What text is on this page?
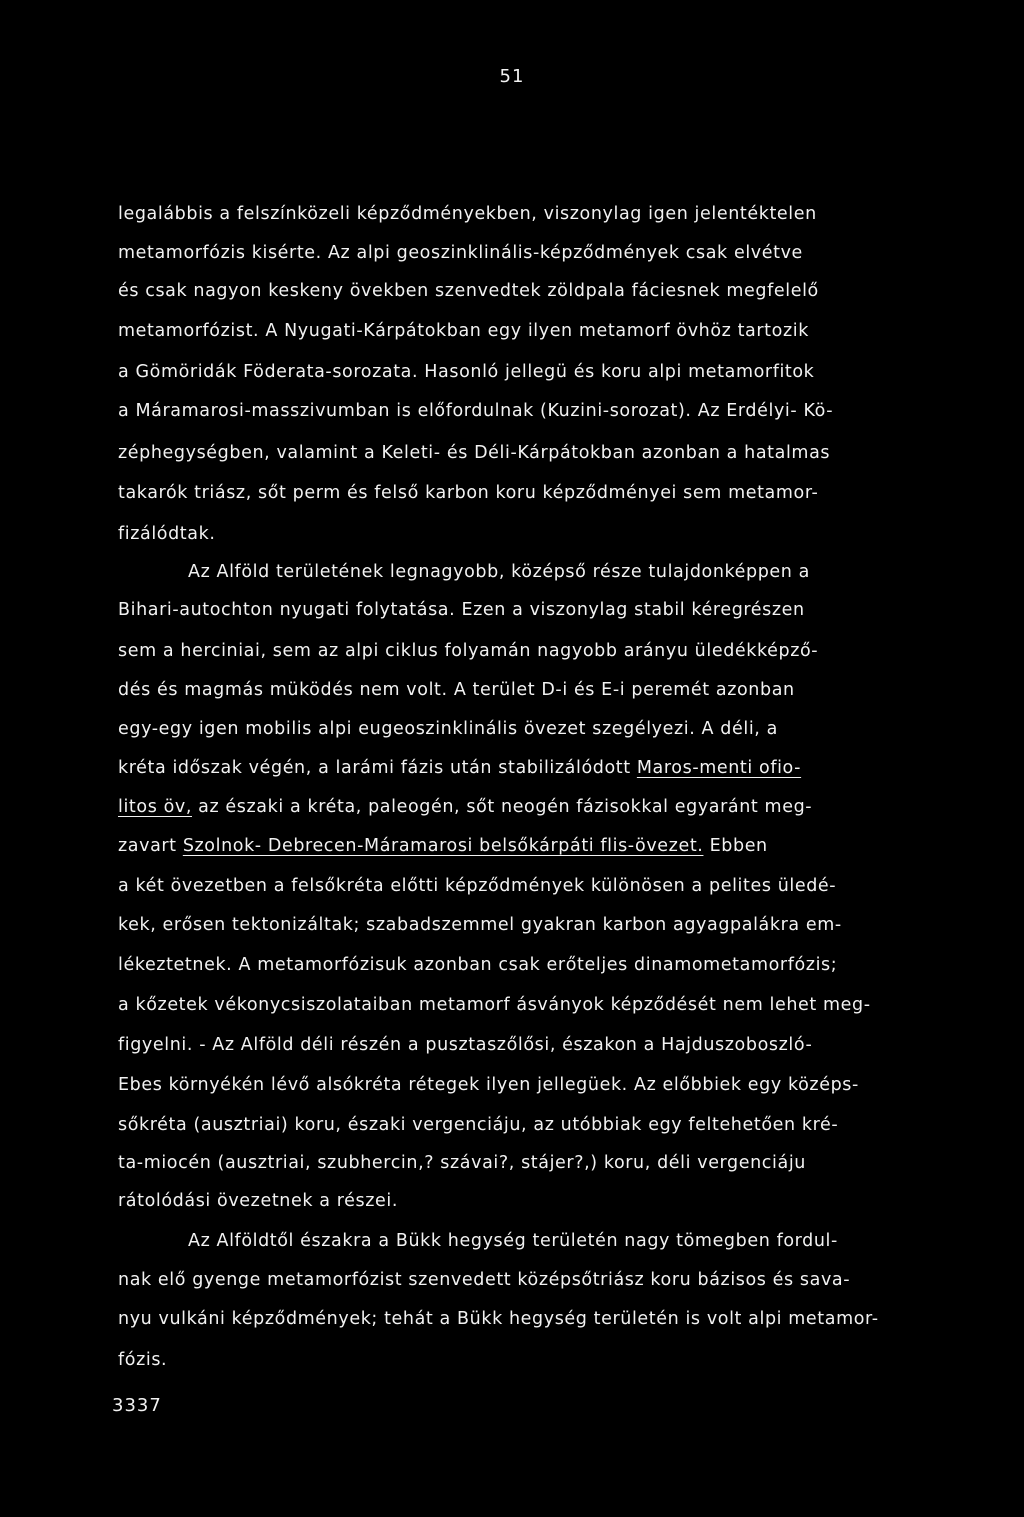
51
legalábbis a felszínközeli képződményekben, viszonylag igen jelentéktelen
metamorfózis kisérte. Az alpi geoszinklinális-képződmények csak elvétve
és csak nagyon keskeny övekben szenvedtek zöldpala fáciesnek megfelelő
metamorfózist. A Nyugati-Kárpátokban egy ilyen metamorf övhöz tartozik
a Gömöridák Föderata-sorozata. Hasonló jellegü és koru alpi metamorfitok
a Máramarosi-masszivumban is előfordulnak (Kuzini-sorozat). Az Erdélyi- Kö-
zéphegységben, valamint a Keleti- és Déli-Kárpátokban azonban a hatalmas
takarók triász, sőt perm és felső karbon koru képződményei sem metamor-
fizálódtak.
Az Alföld területének legnagyobb, középső része tulajdonképpen a
Bihari-autochton nyugati folytatása. Ezen a viszonylag stabil kéregrészen
sem a herciniai, sem az alpi ciklus folyamán nagyobb arányu üledékképző-
dés és magmás müködés nem volt. A terület D-i és E-i peremét azonban
egy-egy igen mobilis alpi eugeoszinklinális övezet szegélyezi. A déli, a
kréta időszak végén, a larámi fázis után stabilizálódott Maros-menti ofio-
litos öv, az északi a kréta, paleogén, sőt neogén fázisokkal egyaránt meg-
zavart Szolnok- Debrecen-Máramarosi belsőkárpáti flis-övezet. Ebben
a két övezetben a felsőkréta előtti képződmények különösen a pelites üledé-
kek, erősen tektonizáltak; szabadszemmel gyakran karbon agyagpalákra em-
lékeztetnek. A metamorfózisuk azonban csak erőteljes dinamometamorfózis;
a kőzetek vékonycsiszolataiban metamorf ásványok képződését nem lehet meg-
figyelni. - Az Alföld déli részén a pusztaszőlősi, északon a Hajduszoboszló-
Ebes környékén lévő alsókréta rétegek ilyen jellegüek. Az előbbiek egy középs-
sőkréta (ausztriai) koru, északi vergenciáju, az utóbbiak egy feltehetően kré-
ta-miocén (ausztriai, szubhercin,? szávai?, stájer?,) koru, déli vergenciáju
rátolódási övezetnek a részei.
Az Alföldtől északra a Bükk hegység területén nagy tömegben fordul-
nak elő gyenge metamorfózist szenvedett középsőtriász koru bázisos és sava-
nyu vulkáni képződmények; tehát a Bükk hegység területén is volt alpi metamor-
fózis.
3337
